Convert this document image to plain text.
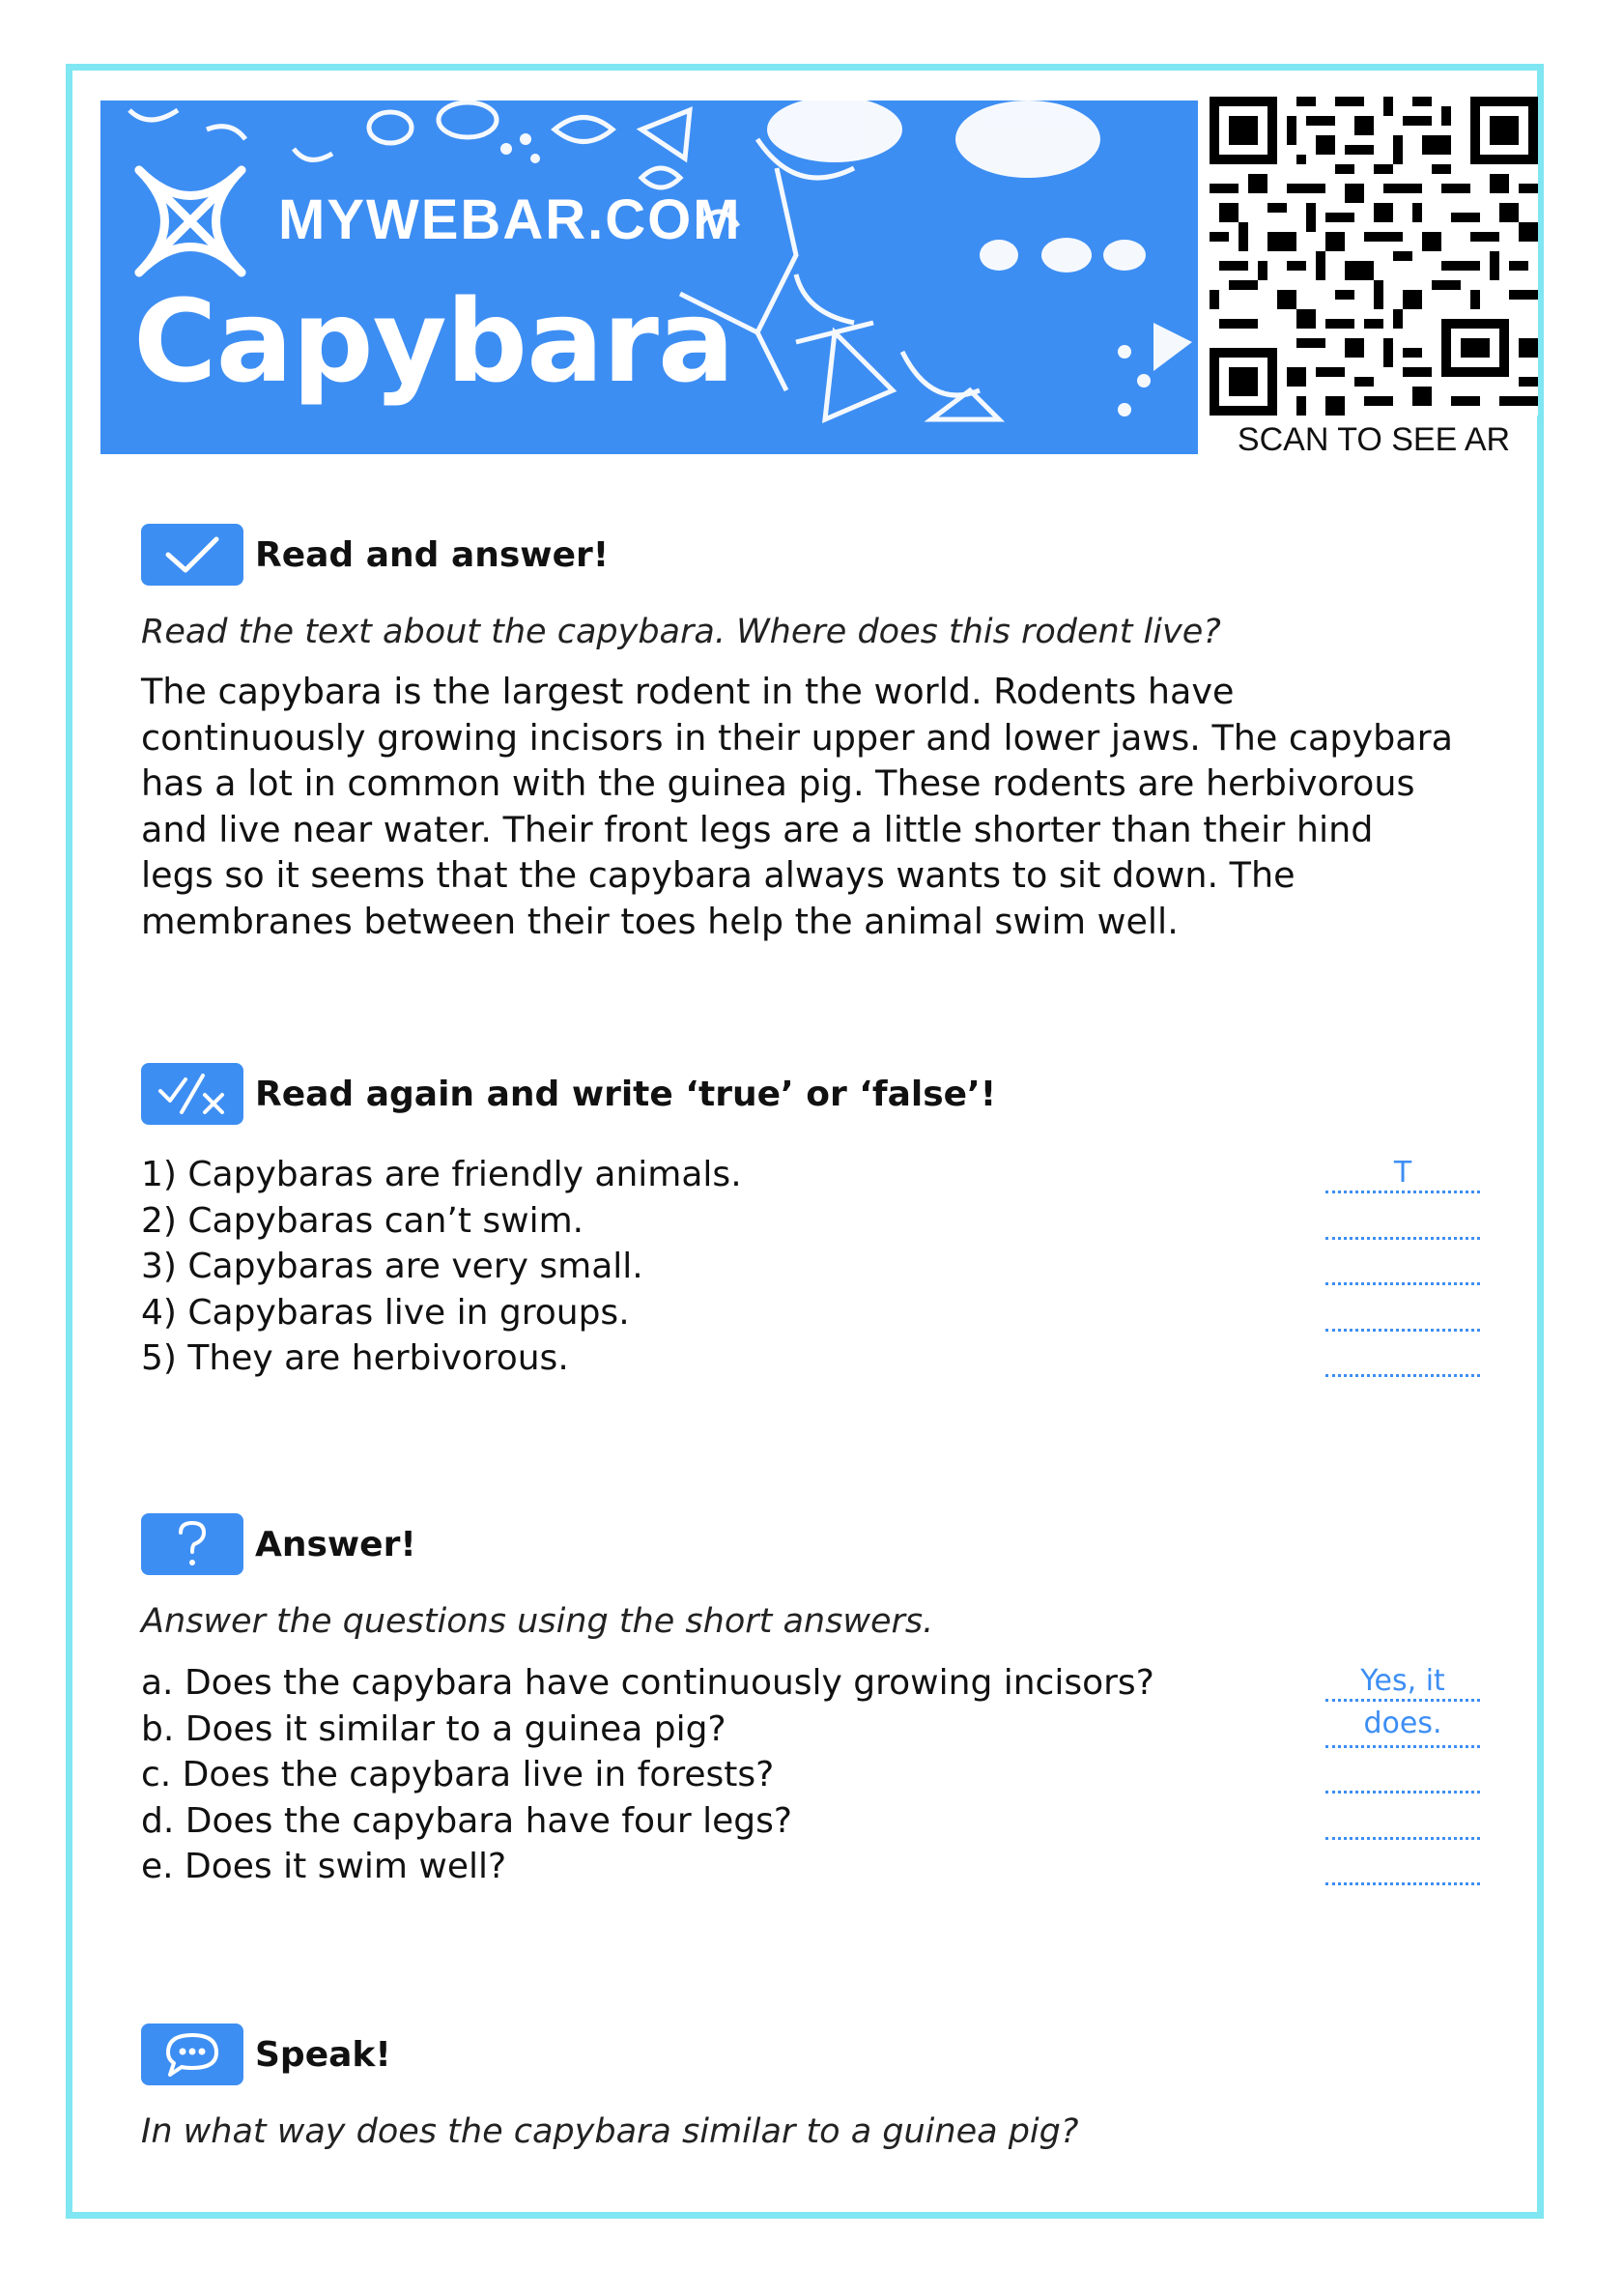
MYWEBAR.COM
Capybara
SCAN TO SEE AR
Read and answer!
Read the text about the capybara. Where does this rodent live?
The capybara is the largest rodent in the world. Rodents have continuously growing incisors in their upper and lower jaws. The capybara has a lot in common with the guinea pig. These rodents are herbivorous and live near water. Their front legs are a little shorter than their hind legs so it seems that the capybara always wants to sit down. The membranes between their toes help the animal swim well.
Read again and write ‘true’ or ‘false’!
1) Capybaras are friendly animals.	T
2) Capybaras can’t swim.
3) Capybaras are very small.
4) Capybaras live in groups.
5) They are herbivorous.
Answer!
Answer the questions using the short answers.
a. Does the capybara have continuously growing incisors?	Yes, it does.
b. Does it similar to a guinea pig?
c. Does the capybara live in forests?
d. Does the capybara have four legs?
e. Does it swim well?
Speak!
In what way does the capybara similar to a guinea pig?
